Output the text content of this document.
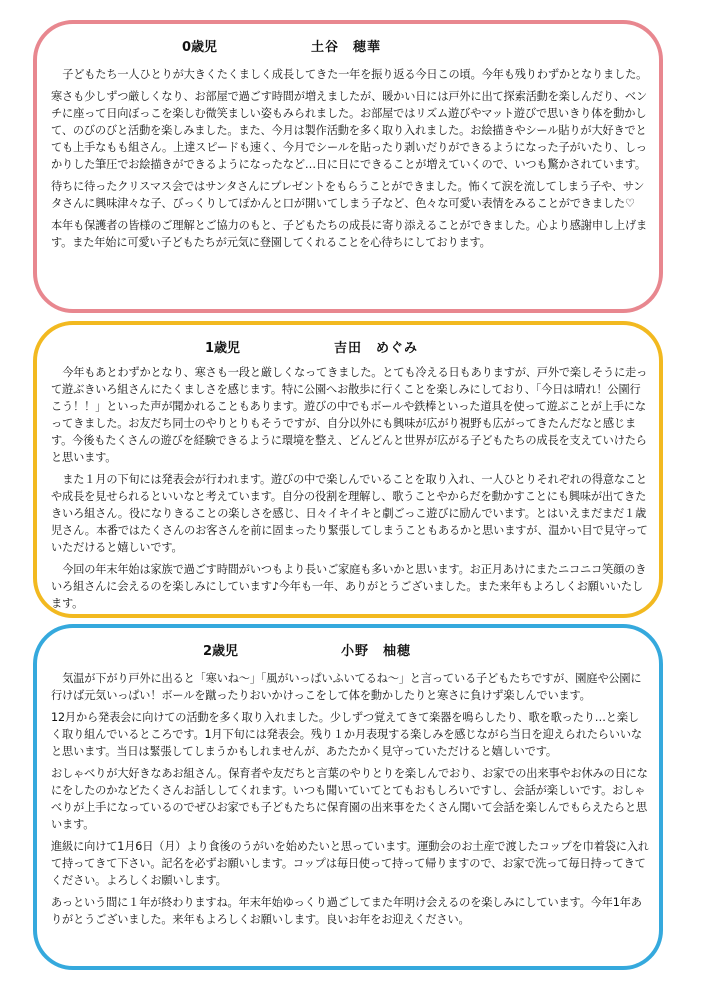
0歳児	土谷　穂華

子どもたち一人ひとりが大きくたくましく成長してきた一年を振り返る今日この頃。今年も残りわずかとなりました。

寒さも少しずつ厳しくなり、お部屋で過ごす時間が増えましたが、暖かい日には戸外に出て探索活動を楽しんだり、ベンチに座って日向ぼっこを楽しむ微笑ましい姿もみられました。お部屋ではリズム遊びやマット遊びで思いきり体を動かして、のびのびと活動を楽しみました。また、今月は製作活動を多く取り入れました。お絵描きやシール貼りが大好きでとても上手なもも組さん。上達スピードも速く、今月でシールを貼ったり剥いだりができるようになった子がいたり、しっかりした筆圧でお絵描きができるようになったなど…日に日にできることが増えていくので、いつも驚かされています。

待ちに待ったクリスマス会ではサンタさんにプレゼントをもらうことができました。怖くて涙を流してしまう子や、サンタさんに興味津々な子、びっくりしてぽかんと口が開いてしまう子など、色々な可愛い表情をみることができました♡

本年も保護者の皆様のご理解とご協力のもと、子どもたちの成長に寄り添えることができました。心より感謝申し上げます。また年始に可愛い子どもたちが元気に登園してくれることを心待ちにしております。

1歳児	吉田　めぐみ

今年もあとわずかとなり、寒さも一段と厳しくなってきました。とても冷える日もありますが、戸外で楽しそうに走って遊ぶきいろ組さんにたくましさを感じます。特に公園へお散歩に行くことを楽しみにしており、「今日は晴れ！公園行こう！！」といった声が聞かれることもあります。遊びの中でもボールや鉄棒といった道具を使って遊ぶことが上手になってきました。お友だち同士のやりとりもそうですが、自分以外にも興味が広がり視野も広がってきたんだなと感じます。今後もたくさんの遊びを経験できるように環境を整え、どんどんと世界が広がる子どもたちの成長を支えていけたらと思います。

また１月の下旬には発表会が行われます。遊びの中で楽しんでいることを取り入れ、一人ひとりそれぞれの得意なことや成長を見せられるといいなと考えています。自分の役割を理解し、歌うことやからだを動かすことにも興味が出てきたきいろ組さん。役になりきることの楽しさを感じ、日々イキイキと劇ごっこ遊びに励んでいます。とはいえまだまだ１歳児さん。本番ではたくさんのお客さんを前に固まったり緊張してしまうこともあるかと思いますが、温かい目で見守っていただけると嬉しいです。

今回の年末年始は家族で過ごす時間がいつもより長いご家庭も多いかと思います。お正月あけにまたニコニコ笑顔のきいろ組さんに会えるのを楽しみにしています♪今年も一年、ありがとうございました。また来年もよろしくお願いいたします。

2歳児	小野　柚穂

気温が下がり戸外に出ると「寒いね～」「風がいっぱいふいてるね～」と言っている子どもたちですが、園庭や公園に行けば元気いっぱい！ボールを蹴ったりおいかけっこをして体を動かしたりと寒さに負けず楽しんでいます。

12月から発表会に向けての活動を多く取り入れました。少しずつ覚えてきて楽器を鳴らしたり、歌を歌ったり…と楽しく取り組んでいるところです。1月下旬には発表会。残り１か月表現する楽しみを感じながら当日を迎えられたらいいなと思います。当日は緊張してしまうかもしれませんが、あたたかく見守っていただけると嬉しいです。

おしゃべりが大好きなあお組さん。保育者や友だちと言葉のやりとりを楽しんでおり、お家での出来事やお休みの日になにをしたのかなどたくさんお話ししてくれます。いつも聞いていてとてもおもしろいですし、会話が楽しいです。おしゃべりが上手になっているのでぜひお家でも子どもたちに保育園の出来事をたくさん聞いて会話を楽しんでもらえたらと思います。

進級に向けて1月6日（月）より食後のうがいを始めたいと思っています。運動会のお土産で渡したコップを巾着袋に入れて持ってきて下さい。記名を必ずお願いします。コップは毎日使って持って帰りますので、お家で洗って毎日持ってきてください。よろしくお願いします。

あっという間に１年が終わりますね。年末年始ゆっくり過ごしてまた年明け会えるのを楽しみにしています。今年1年ありがとうございました。来年もよろしくお願いします。良いお年をお迎えください。
